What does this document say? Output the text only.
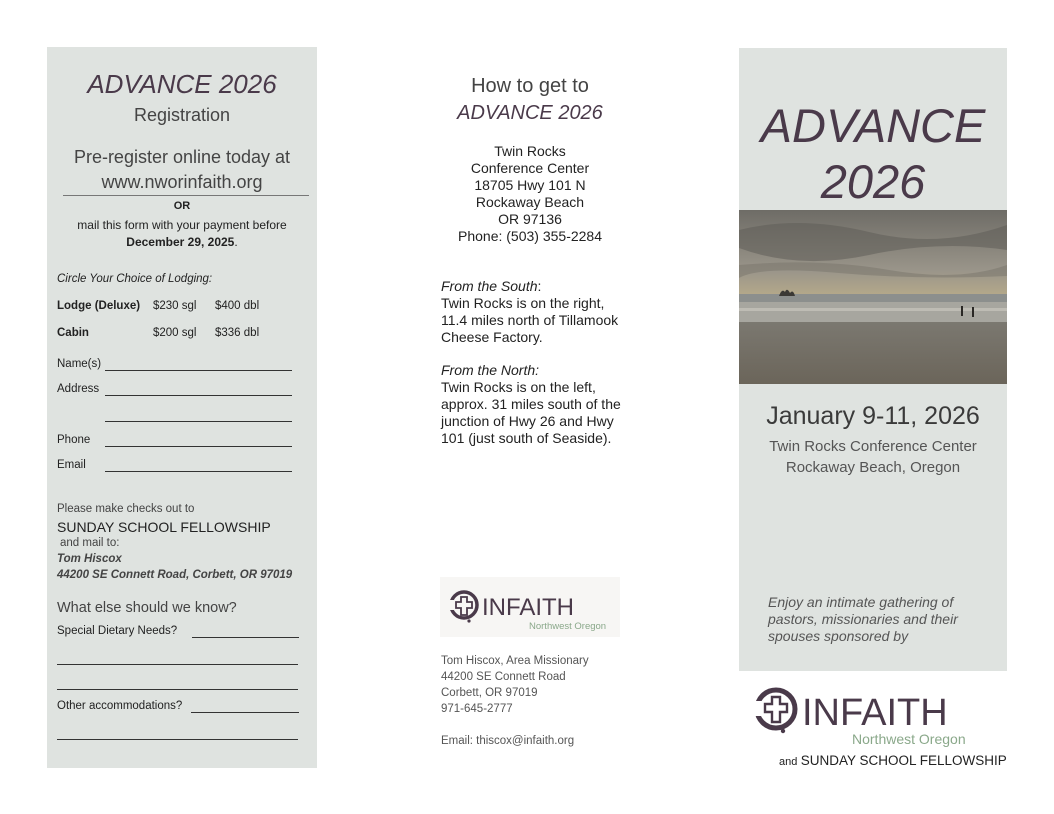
ADVANCE 2026
Registration
Pre-register online today at www.nworinfaith.org
OR
mail this form with your payment before
December 29, 2025.
Circle Your Choice of Lodging:
Lodge (Deluxe) $230 sgl $400 dbl
Cabin	$200 sgl $336 dbl
Name(s)
Address
Phone
Email
Please make checks out to
SUNDAY SCHOOL FELLOWSHIP
and mail to:
Tom Hiscox
44200 SE Connett Road, Corbett, OR 97019
What else should we know?
Special Dietary Needs?
Other accommodations?
How to get to
ADVANCE 2026
Twin Rocks
Conference Center
18705 Hwy 101 N
Rockaway Beach
OR 97136
Phone: (503) 355-2284
From the South:
Twin Rocks is on the right, 11.4 miles north of Tillamook Cheese Factory.
From the North:
Twin Rocks is on the left, approx. 31 miles south of the junction of Hwy 26 and Hwy 101 (just south of Seaside).
INFAITH
Northwest Oregon
Tom Hiscox, Area Missionary
44200 SE Connett Road
Corbett, OR 97019
971-645-2777
Email: thiscox@infaith.org
ADVANCE
2026
January 9-11, 2026
Twin Rocks Conference Center
Rockaway Beach, Oregon
Enjoy an intimate gathering of pastors, missionaries and their spouses sponsored by
INFAITH
Northwest Oregon
and SUNDAY SCHOOL FELLOWSHIP
